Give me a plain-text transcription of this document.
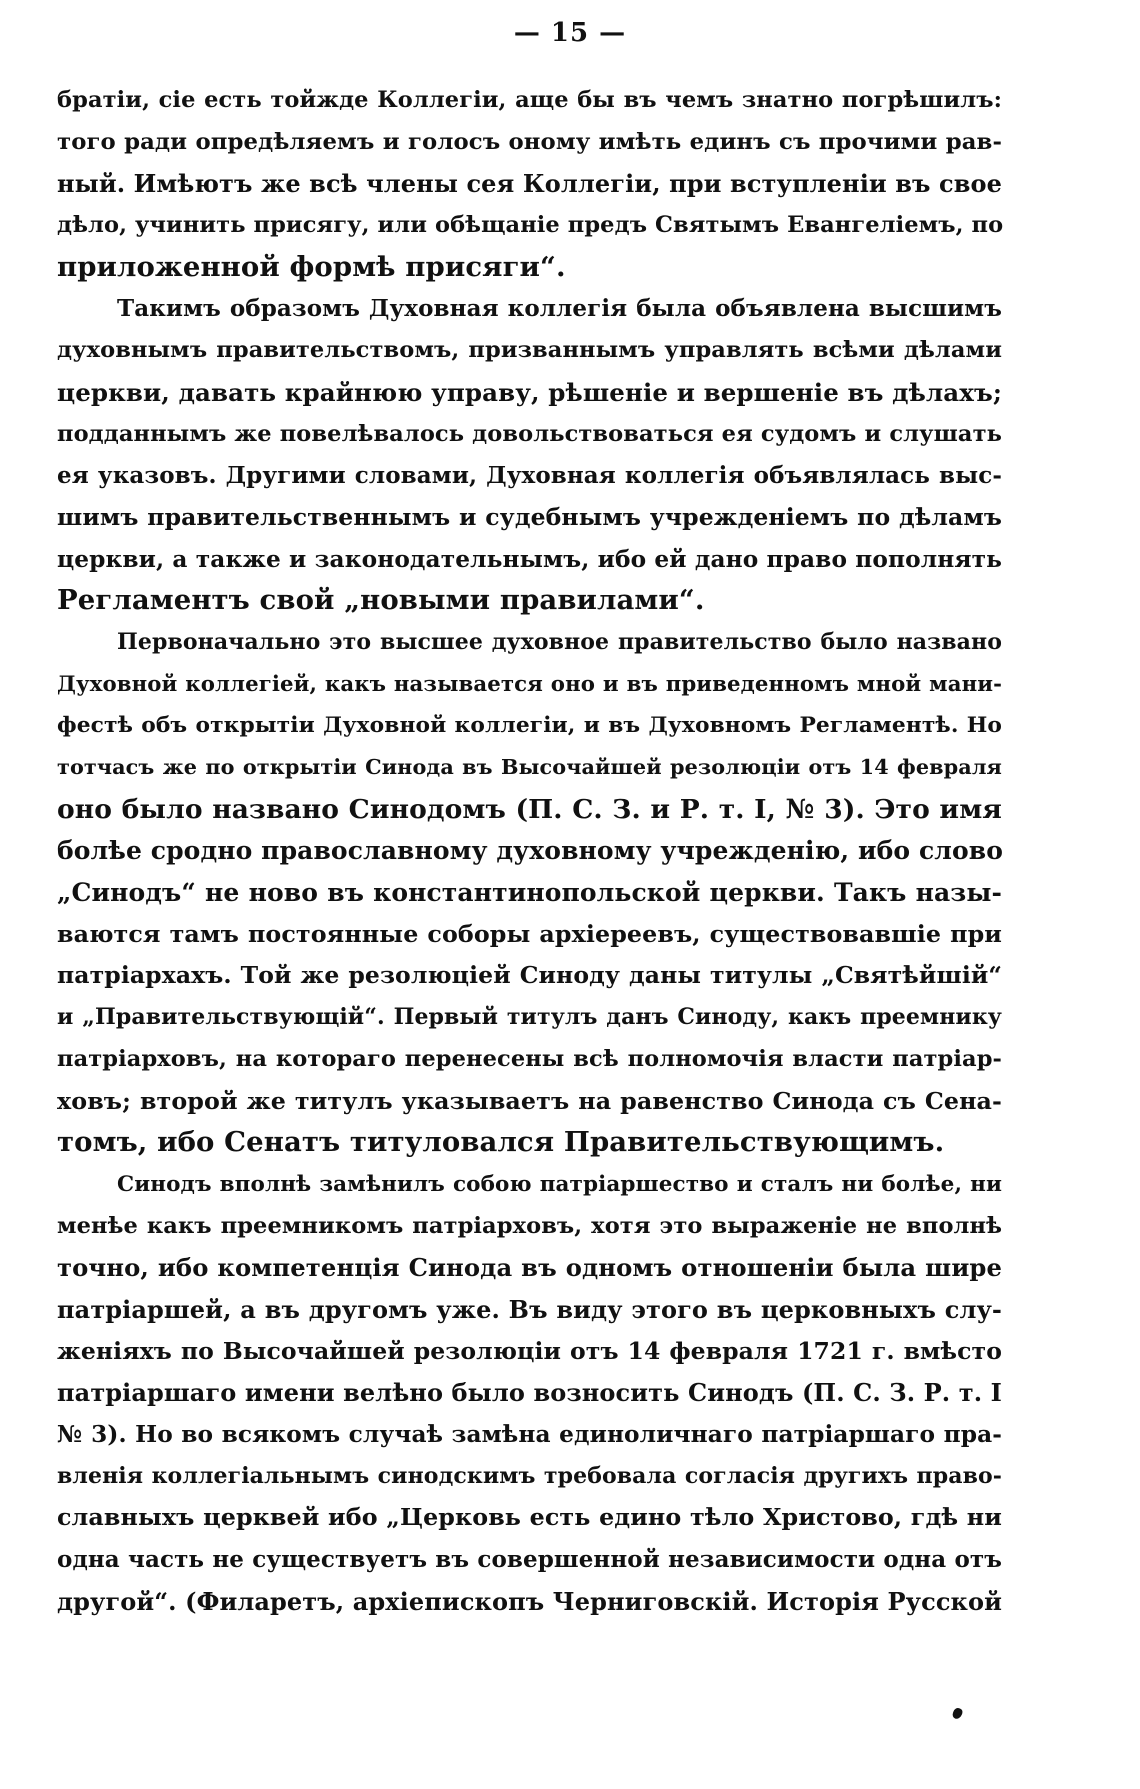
— 15 —
братіи, сіе есть тойжде Коллегіи, аще бы въ чемъ знатно погрѣшилъ:
того ради опредѣляемъ и голосъ оному имѣть единъ съ прочими рав-
ный. Имѣютъ же всѣ члены сея Коллегіи, при вступленіи въ свое
дѣло, учинить присягу, или обѣщаніе предъ Святымъ Евангеліемъ, по
приложенной формѣ присяги“.
Такимъ образомъ Духовная коллегія была объявлена высшимъ
духовнымъ правительствомъ, призваннымъ управлять всѣми дѣлами
церкви, давать крайнюю управу, рѣшеніе и вершеніе въ дѣлахъ;
подданнымъ же повелѣвалось довольствоваться ея судомъ и слушать
ея указовъ. Другими словами, Духовная коллегія объявлялась выс-
шимъ правительственнымъ и судебнымъ учрежденіемъ по дѣламъ
церкви, а также и законодательнымъ, ибо ей дано право пополнять
Регламентъ свой „новыми правилами“.
Первоначально это высшее духовное правительство было названо
Духовной коллегіей, какъ называется оно и въ приведенномъ мной мани-
фестѣ объ открытіи Духовной коллегіи, и въ Духовномъ Регламентѣ. Но
тотчасъ же по открытіи Синода въ Высочайшей резолюціи отъ 14 февраля
оно было названо Синодомъ (П. С. З. и Р. т. I, № 3). Это имя
болѣе сродно православному духовному учрежденію, ибо слово
„Синодъ“ не ново въ константинопольской церкви. Такъ назы-
ваются тамъ постоянные соборы архіереевъ, существовавшіе при
патріархахъ. Той же резолюціей Синоду даны титулы „Святѣйшій“
и „Правительствующій“. Первый титулъ данъ Синоду, какъ преемнику
патріарховъ, на котораго перенесены всѣ полномочія власти патріар-
ховъ; второй же титулъ указываетъ на равенство Синода съ Сена-
томъ, ибо Сенатъ титуловался Правительствующимъ.
Синодъ вполнѣ замѣнилъ собою патріаршество и сталъ ни болѣе, ни
менѣе какъ преемникомъ патріарховъ, хотя это выраженіе не вполнѣ
точно, ибо компетенція Синода въ одномъ отношеніи была шире
патріаршей, а въ другомъ уже. Въ виду этого въ церковныхъ слу-
женіяхъ по Высочайшей резолюціи отъ 14 февраля 1721 г. вмѣсто
патріаршаго имени велѣно было возносить Синодъ (П. С. З. Р. т. I
№ 3). Но во всякомъ случаѣ замѣна единоличнаго патріаршаго пра-
вленія коллегіальнымъ синодскимъ требовала согласія другихъ право-
славныхъ церквей ибо „Церковь есть едино тѣло Христово, гдѣ ни
одна часть не существуетъ въ совершенной независимости одна отъ
другой“. (Филаретъ, архіепископъ Черниговскій. Исторія Русской
